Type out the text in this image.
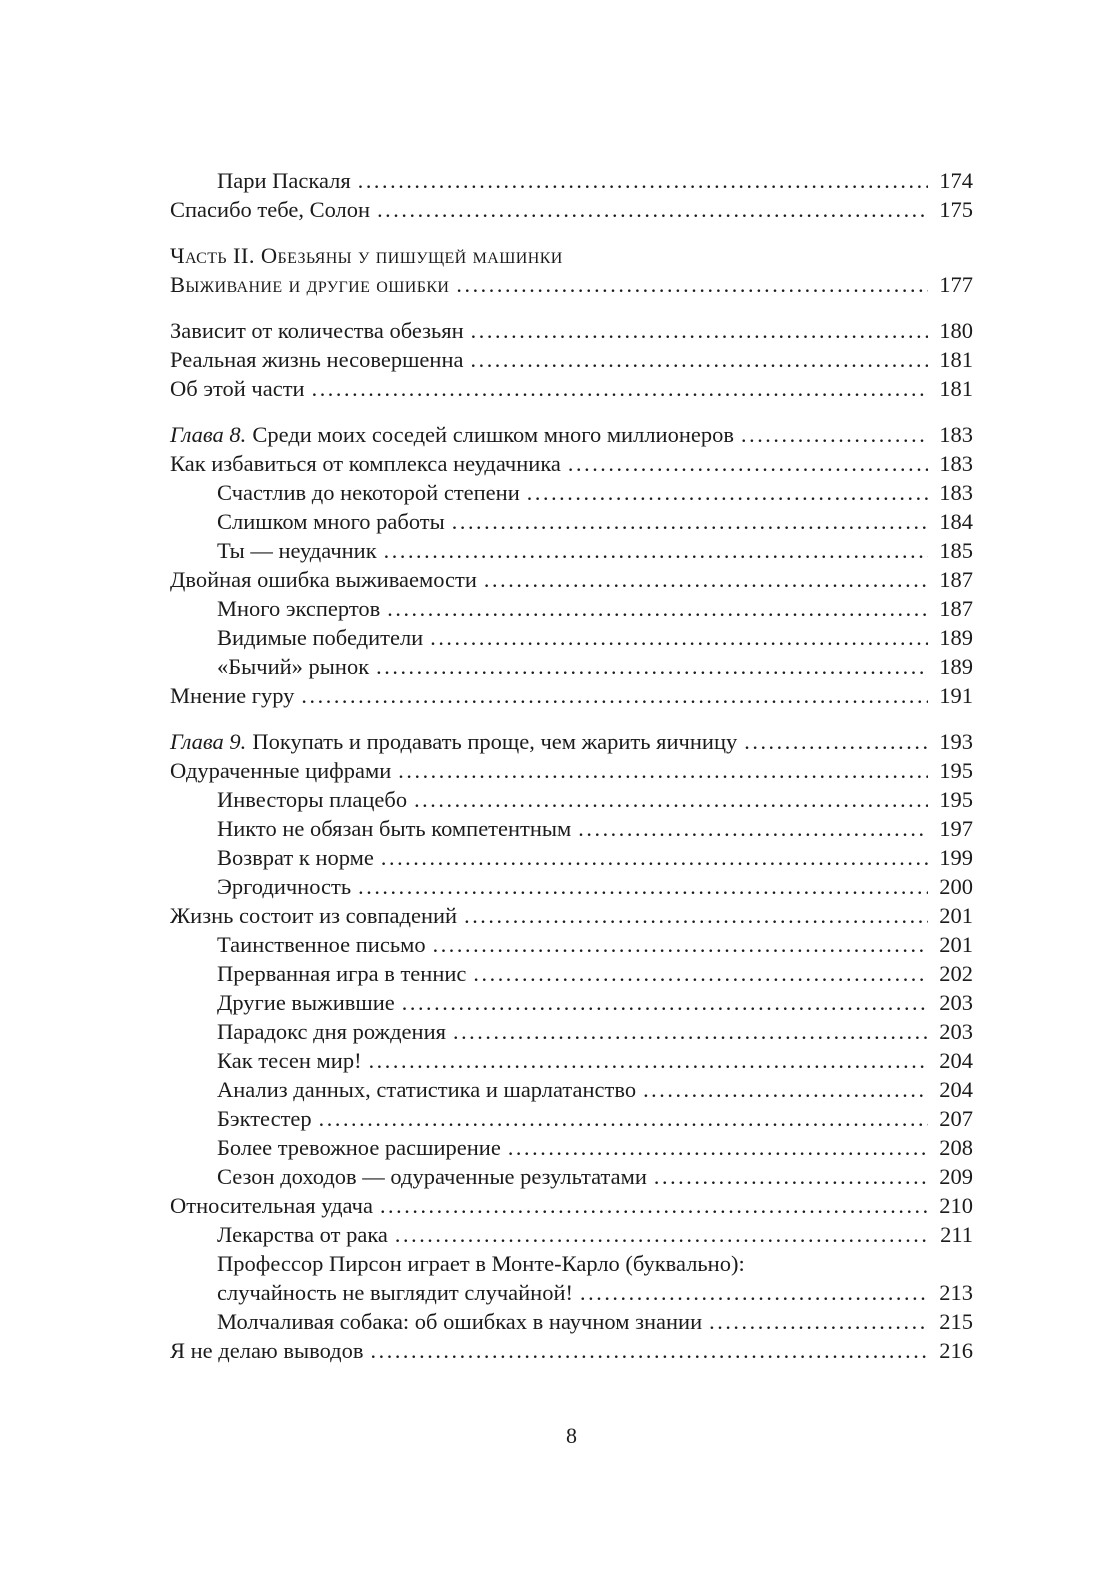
Пари Паскаля .....	174
Спасибо тебе, Солон .....	175
Часть II. Обезьяны у пишущей машинки
Выживание и другие ошибки .....	177
Зависит от количества обезьян .....	180
Реальная жизнь несовершенна .....	181
Об этой части .....	181
Глава 8. Среди моих соседей слишком много миллионеров .....	183
Как избавиться от комплекса неудачника .....	183
Счастлив до некоторой степени .....	183
Слишком много работы .....	184
Ты — неудачник .....	185
Двойная ошибка выживаемости .....	187
Много экспертов .....	187
Видимые победители .....	189
«Бычий» рынок .....	189
Мнение гуру .....	191
Глава 9. Покупать и продавать проще, чем жарить яичницу .....	193
Одураченные цифрами .....	195
Инвесторы плацебо .....	195
Никто не обязан быть компетентным .....	197
Возврат к норме .....	199
Эргодичность .....	200
Жизнь состоит из совпадений .....	201
Таинственное письмо .....	201
Прерванная игра в теннис .....	202
Другие выжившие .....	203
Парадокс дня рождения .....	203
Как тесен мир! .....	204
Анализ данных, статистика и шарлатанство .....	204
Бэктестер .....	207
Более тревожное расширение .....	208
Сезон доходов — одураченные результатами .....	209
Относительная удача .....	210
Лекарства от рака .....	211
Профессор Пирсон играет в Монте-Карло (буквально):
случайность не выглядит случайной! .....	213
Молчаливая собака: об ошибках в научном знании .....	215
Я не делаю выводов .....	216
8
